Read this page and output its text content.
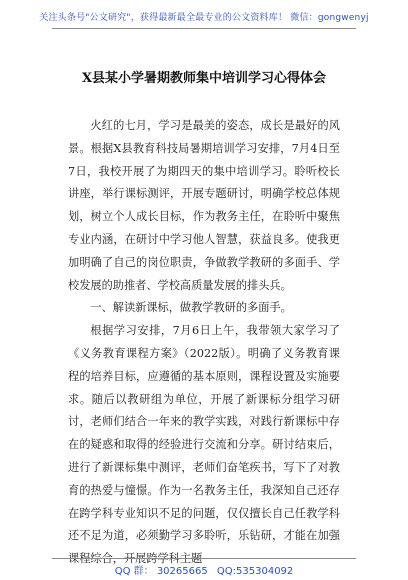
关注头条号"公文研究"，获得最新最全最专业的公文资料库！ 微信：gongwenyj
X县某小学暑期教师集中培训学习心得体会

火红的七月，学习是最美的姿态，成长是最好的风景。根据X县教育科技局暑期培训学习安排，7月4日至7日，我校开展了为期四天的集中培训学习。聆听校长讲座，举行课标测评，开展专题研讨，明确学校总体规划，树立个人成长目标，作为教务主任，在聆听中聚焦专业内涵，在研讨中学习他人智慧，获益良多。使我更加明确了自己的岗位职责，争做教学教研的多面手、学校发展的助推者、学校高质量发展的排头兵。

一、解读新课标，做教学教研的多面手。

根据学习安排，7月6日上午，我带领大家学习了《义务教育课程方案》（2022版）。明确了义务教育课程的培养目标，应遵循的基本原则，课程设置及实施要求。随后以教研组为单位，开展了新课标分组学习研讨，老师们结合一年来的教学实践，对践行新课标中存在的疑惑和取得的经验进行交流和分享。研讨结束后，进行了新课标集中测评，老师们奋笔疾书，写下了对教育的热爱与憧憬。作为一名教务主任，我深知自己还存在跨学科专业知识不足的问题，仅仅擅长自己任教学科还不足为道，必须勤学习多聆听，乐钻研，才能在加强课程综合，开展跨学科主题

QQ 群： 30265665 QQ:535304092
